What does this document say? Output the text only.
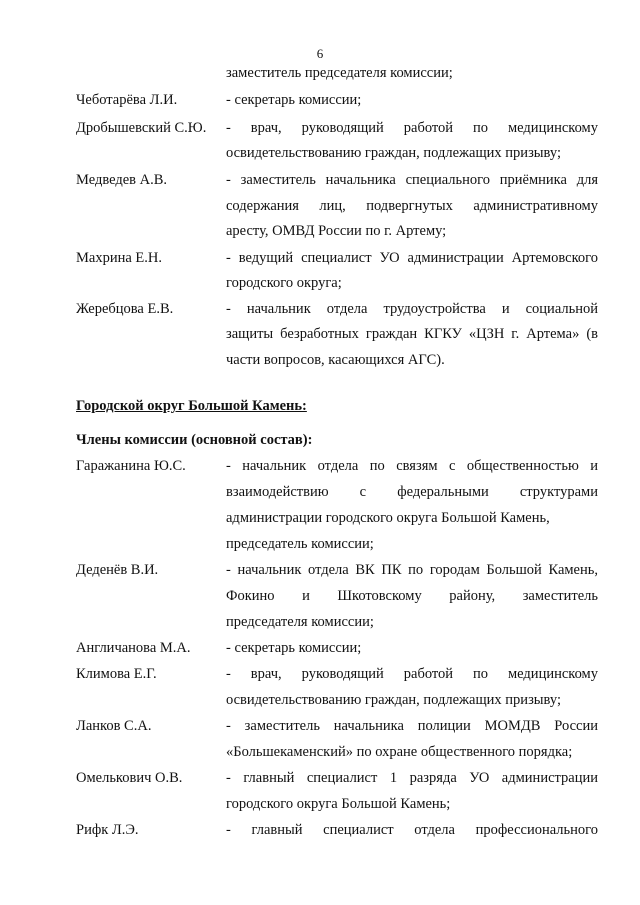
6
заместитель председателя комиссии;
Чеботарёва Л.И.	- секретарь комиссии;
Дробышевский С.Ю. - врач, руководящий работой по медицинскому
освидетельствованию граждан, подлежащих призыву;
Медведев А.В.	- заместитель начальника специального приёмника для
содержания лиц, подвергнутых административному
аресту, ОМВД России по г. Артему;
Махрина Е.Н.	- ведущий специалист УО администрации Артемовского
городского округа;
Жеребцова Е.В.	- начальник отдела трудоустройства и социальной
защиты безработных граждан КГКУ «ЦЗН г. Артема» (в
части вопросов, касающихся АГС).
Городской округ Большой Камень:
Члены комиссии (основной состав):
Гаражанина Ю.С.	- начальник отдела по связям с общественностью и
взаимодействию с федеральными структурами
администрации городского округа Большой Камень,
председатель комиссии;
Деденёв В.И.	- начальник отдела ВК ПК по городам Большой Камень,
Фокино и Шкотовскому району, заместитель
председателя комиссии;
Англичанова М.А. - секретарь комиссии;
Климова Е.Г.	- врач, руководящий работой по медицинскому
освидетельствованию граждан, подлежащих призыву;
Ланков С.А.	- заместитель начальника полиции МОМДВ России
«Большекаменский» по охране общественного порядка;
Омелькович О.В.	- главный специалист 1 разряда УО администрации
городского округа Большой Камень;
Рифк Л.Э.	- главный специалист отдела профессионального
